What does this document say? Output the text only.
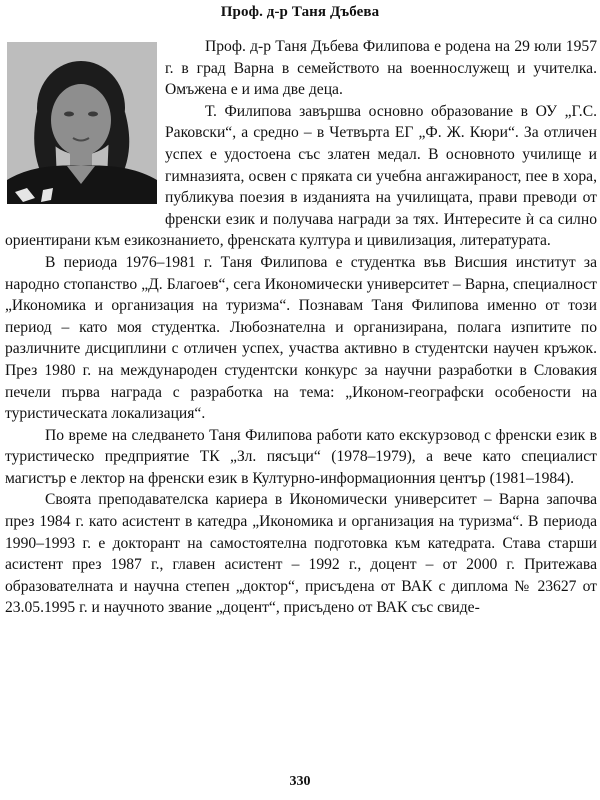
Проф. д-р Таня Дъбева

Проф. д-р Таня Дъбева Филипова е родена на 29 юли 1957 г. в град Варна в семейството на военнослужещ и учителка. Омъжена е и има две деца.

Т. Филипова завършва основно образование в ОУ „Г.С. Раковски“, а средно – в Четвърта ЕГ „Ф. Ж. Кюри“. За отличен успех е удостоена със златен медал. В основното училище и гимназията, освен с пряката си учебна ангажираност, пее в хора, публикува поезия в изданията на училищата, прави преводи от френски език и получава награди за тях. Интересите ѝ са силно ориентирани към езикознанието, френската култура и цивилизация, литературата.

В периода 1976–1981 г. Таня Филипова е студентка във Висшия институт за народно стопанство „Д. Благоев“, сега Икономически университет – Варна, специалност „Икономика и организация на туризма“. Познавам Таня Филипова именно от този период – като моя студентка. Любознателна и организирана, полага изпитите по различните дисциплини с отличен успех, участва активно в студентски научен кръжок. През 1980 г. на международен студентски конкурс за научни разработки в Словакия печели първа награда с разработка на тема: „Иконом-географски особености на туристическата локализация“.

По време на следването Таня Филипова работи като екскурзовод с френски език в туристическо предприятие ТК „Зл. пясъци“ (1978–1979), а вече като специалист магистър е лектор на френски език в Културно-информационния център (1981–1984).

Своята преподавателска кариера в Икономически университет – Варна започва през 1984 г. като асистент в катедра „Икономика и организация на туризма“. В периода 1990–1993 г. е докторант на самостоятелна подготовка към катедрата. Става старши асистент през 1987 г., главен асистент – 1992 г., доцент – от 2000 г. Притежава образователната и научна степен „доктор“, присъдена от ВАК с диплома № 23627 от 23.05.1995 г. и научното звание „доцент“, присъдено от ВАК със свиде-

330
